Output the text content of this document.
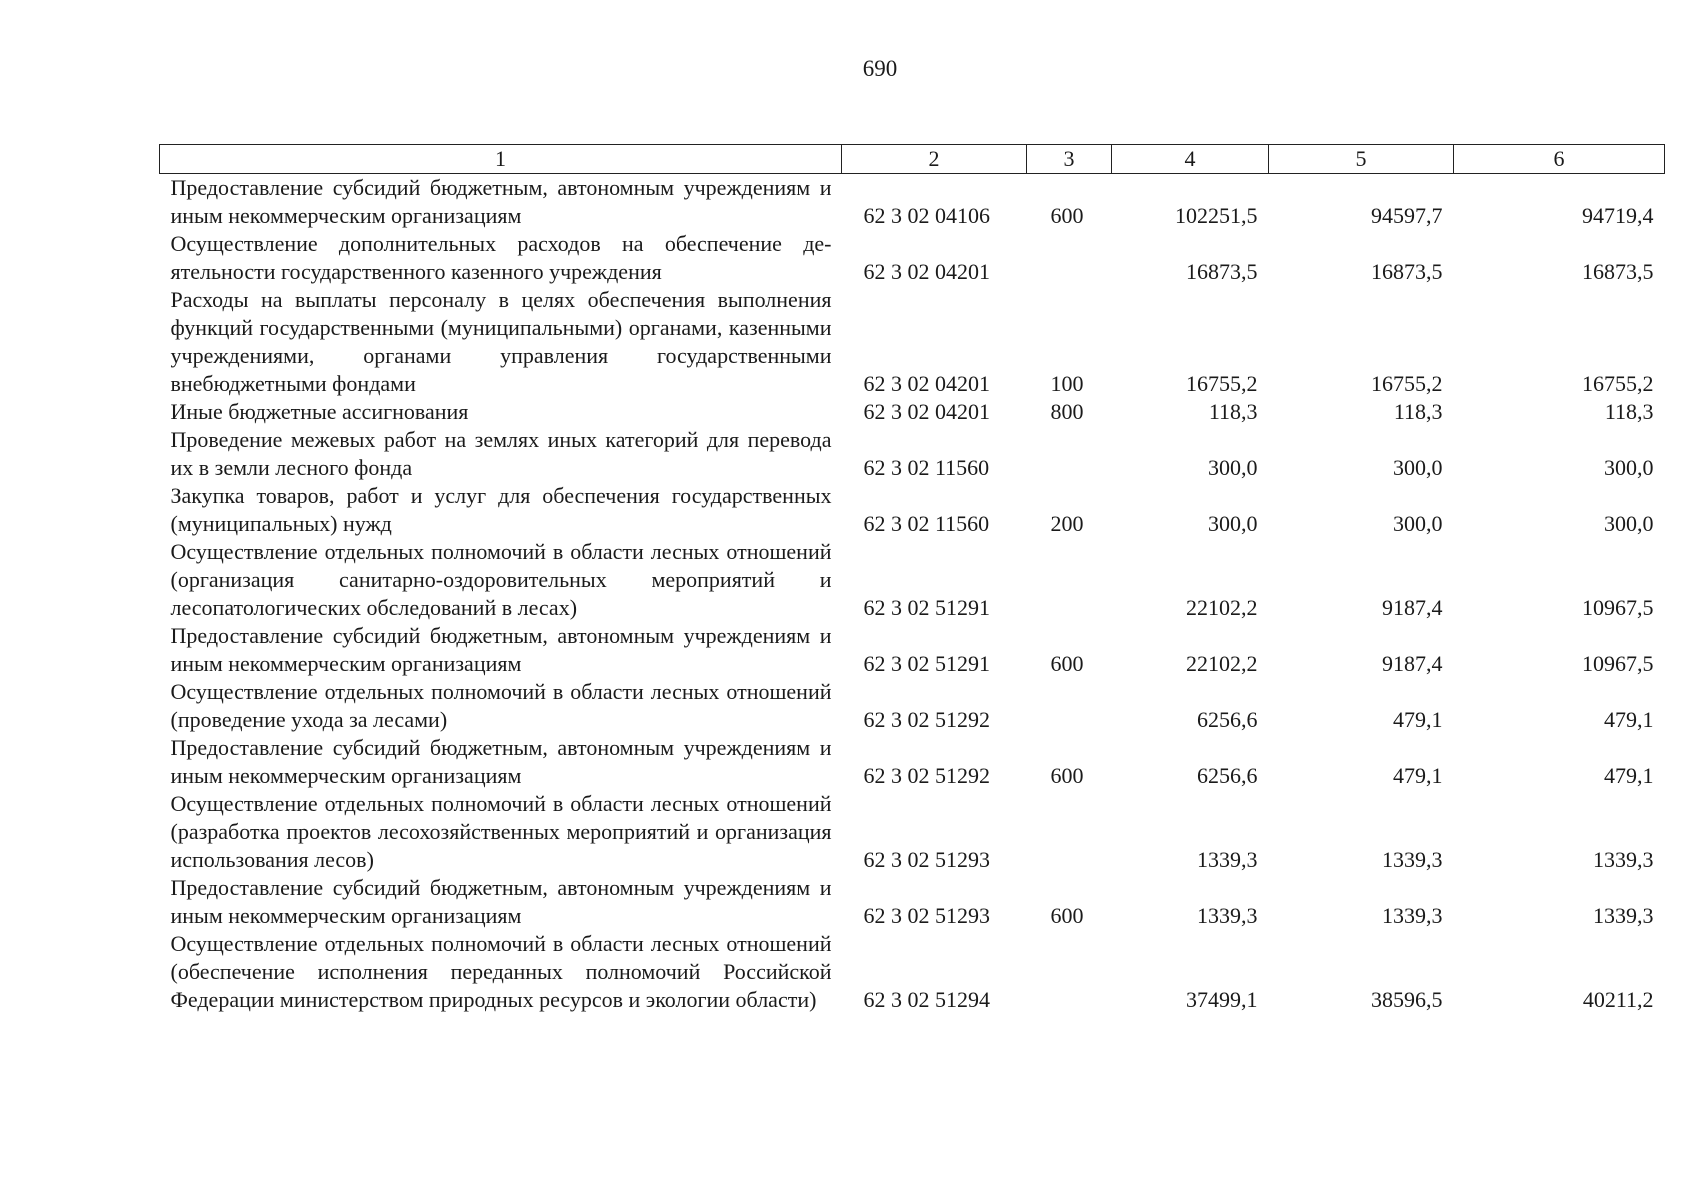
690
1	2	3	4	5	6
Предоставление субсидий бюджетным, автономным учреждениям и иным некоммерческим организациям	62 3 02 04106	600	102251,5	94597,7	94719,4
Осуществление дополнительных расходов на обеспечение деятельности государственного казенного учреждения	62 3 02 04201		16873,5	16873,5	16873,5
Расходы на выплаты персоналу в целях обеспечения выполнения функций государственными (муниципальными) органами, казенными учреждениями, органами управления государственными внебюджетными фондами	62 3 02 04201	100	16755,2	16755,2	16755,2
Иные бюджетные ассигнования	62 3 02 04201	800	118,3	118,3	118,3
Проведение межевых работ на землях иных категорий для перевода их в земли лесного фонда	62 3 02 11560		300,0	300,0	300,0
Закупка товаров, работ и услуг для обеспечения государственных (муниципальных) нужд	62 3 02 11560	200	300,0	300,0	300,0
Осуществление отдельных полномочий в области лесных отношений (организация санитарно-оздоровительных мероприятий и лесопатологических обследований в лесах)	62 3 02 51291		22102,2	9187,4	10967,5
Предоставление субсидий бюджетным, автономным учреждениям и иным некоммерческим организациям	62 3 02 51291	600	22102,2	9187,4	10967,5
Осуществление отдельных полномочий в области лесных отношений (проведение ухода за лесами)	62 3 02 51292		6256,6	479,1	479,1
Предоставление субсидий бюджетным, автономным учреждениям и иным некоммерческим организациям	62 3 02 51292	600	6256,6	479,1	479,1
Осуществление отдельных полномочий в области лесных отношений (разработка проектов лесохозяйственных мероприятий и организация использования лесов)	62 3 02 51293		1339,3	1339,3	1339,3
Предоставление субсидий бюджетным, автономным учреждениям и иным некоммерческим организациям	62 3 02 51293	600	1339,3	1339,3	1339,3
Осуществление отдельных полномочий в области лесных отношений (обеспечение исполнения переданных полномочий Российской Федерации министерством природных ресурсов и экологии области)	62 3 02 51294		37499,1	38596,5	40211,2
